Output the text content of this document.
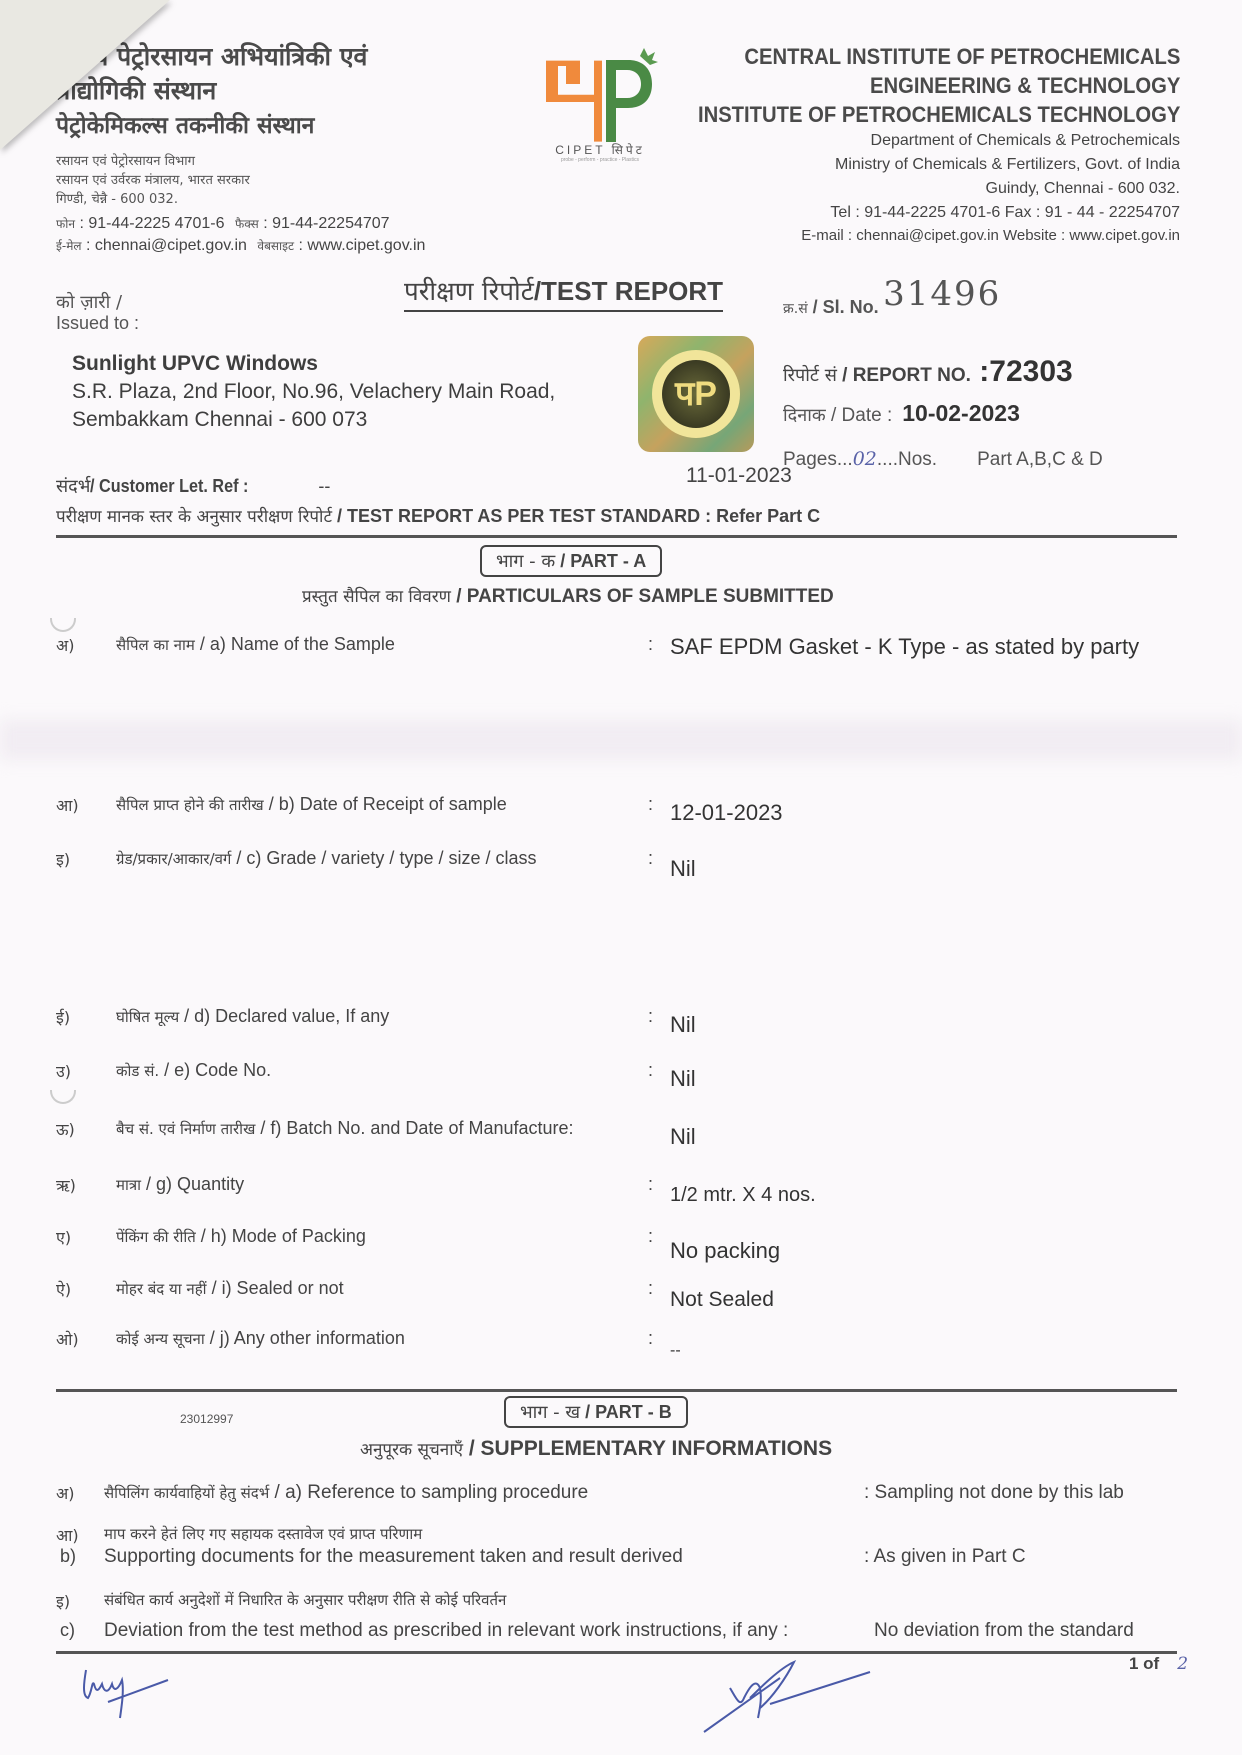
राष्ट्रीय पेट्रोरसायन अभियांत्रिकी एवं
प्रौद्योगिकी संस्थान
पेट्रोकेमिकल्स तकनीकी संस्थान
रसायन एवं पेट्रोरसायन विभाग
रसायन एवं उर्वरक मंत्रालय, भारत सरकार
गिण्डी, चेन्नै - 600 032.
फोन : 91-44-2225 4701-6 फैक्स : 91-44-22254707
ई-मेल : chennai@cipet.gov.in वेबसाइट : www.cipet.gov.in
CIPET सिपेट
probe - perform - practice - Plastics
CENTRAL INSTITUTE OF PETROCHEMICALS
ENGINEERING & TECHNOLOGY
INSTITUTE OF PETROCHEMICALS TECHNOLOGY
Department of Chemicals & Petrochemicals
Ministry of Chemicals & Fertilizers, Govt. of India
Guindy, Chennai - 600 032.
Tel : 91-44-2225 4701-6 Fax : 91 - 44 - 22254707
E-mail : chennai@cipet.gov.in Website : www.cipet.gov.in
परीक्षण रिपोर्ट/TEST REPORT
को ज़ारी /
Issued to :
Sunlight UPVC Windows
S.R. Plaza, 2nd Floor, No.96, Velachery Main Road,
Sembakkam Chennai - 600 073
पP
क्र.सं / Sl. No. 31496
रिपोर्ट सं / REPORT NO. :72303
दिनाक / Date : 10-02-2023
Pages...02....Nos. Part A,B,C & D
11-01-2023
संदर्भ/ Customer Let. Ref :	--
परीक्षण मानक स्तर के अनुसार परीक्षण रिपोर्ट / TEST REPORT AS PER TEST STANDARD : Refer Part C
भाग - क / PART - A
प्रस्तुत सैपिल का विवरण / PARTICULARS OF SAMPLE SUBMITTED
अ)	सैपिल का नाम / a) Name of the Sample	: SAF EPDM Gasket - K Type - as stated by party
आ) सैपिल प्राप्त होने की तारीख / b) Date of Receipt of sample	: 12-01-2023
इ)	ग्रेड/प्रकार/आकार/वर्ग / c) Grade / variety / type / size / class	: Nil
ई)	घोषित मूल्य / d) Declared value, If any	: Nil
उ)	कोड सं. / e) Code No.	: Nil
ऊ)	बैच सं. एवं निर्माण तारीख / f) Batch No. and Date of Manufacture:	Nil
ऋ)	मात्रा / g) Quantity	: 1/2 mtr. X 4 nos.
ए)	पेंकिंग की रीति / h) Mode of Packing	:
No packing
ऐ)	मोहर बंद या नहीं / i) Sealed or not	: Not Sealed
ओ) कोई अन्य सूचना / j) Any other information	:
--
23012997	भाग - ख / PART - B
अनुपूरक सूचनाएँ / SUPPLEMENTARY INFORMATIONS
अ) सैपिलिंग कार्यवाहियों हेतु संदर्भ / a) Reference to sampling procedure	: Sampling not done by this lab
आ) माप करने हेतं लिए गए सहायक दस्तावेज एवं प्राप्त परिणाम
b) Supporting documents for the measurement taken and result derived	: As given in Part C
इ) संबंधित कार्य अनुदेशों में निधारित के अनुसार परीक्षण रीति से कोई परिवर्तन
c) Deviation from the test method as prescribed in relevant work instructions, if any :	No deviation from the standard
1 of 2
